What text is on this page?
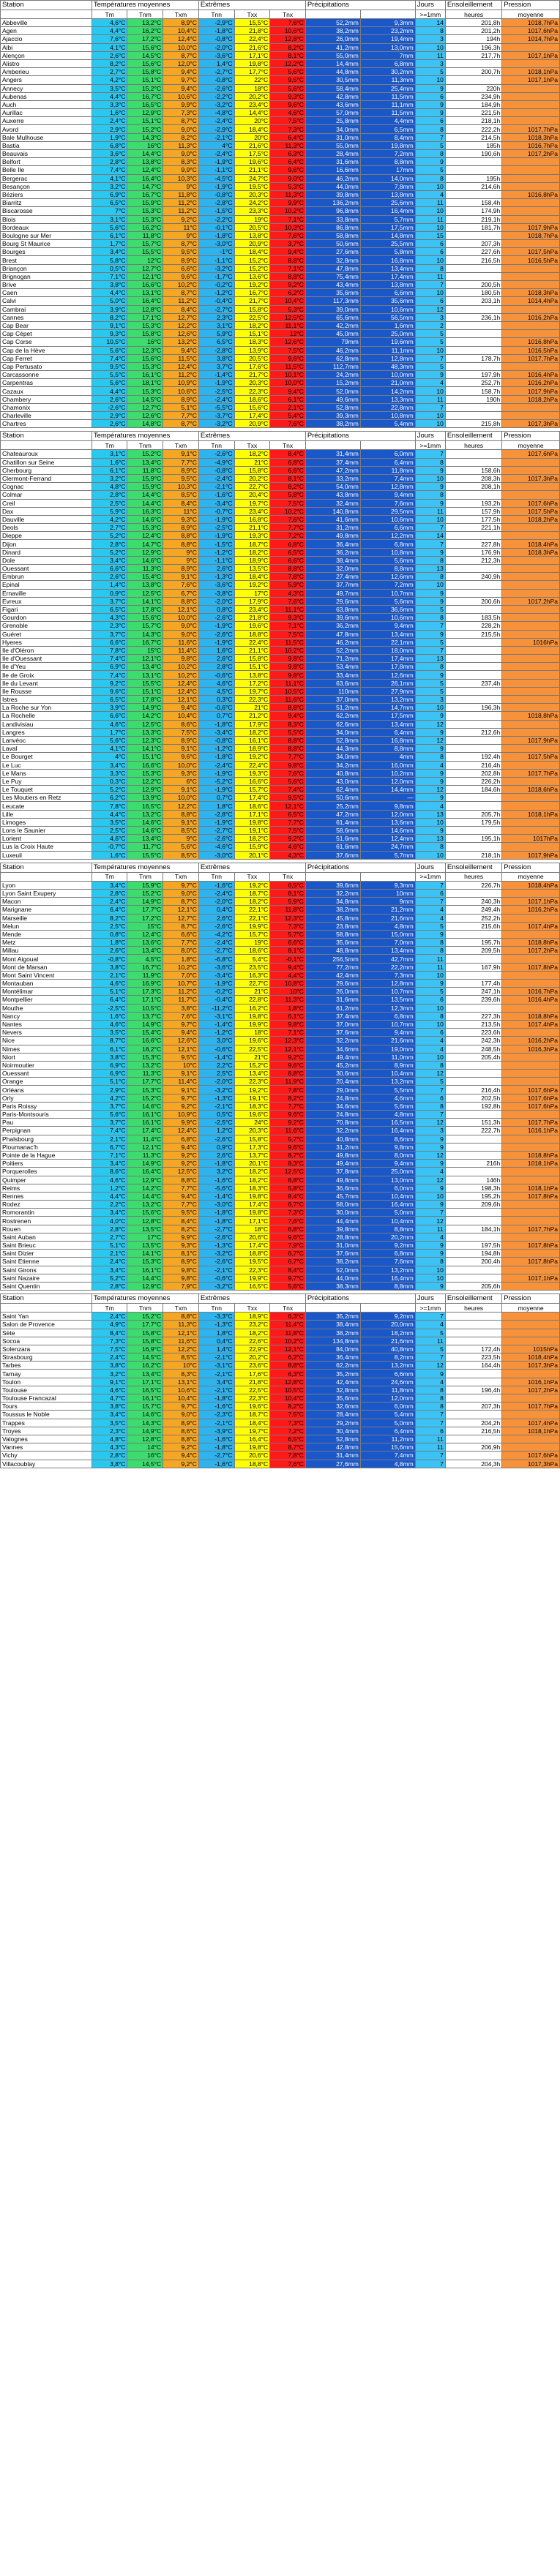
Station	Températures moyennes			Extrêmes			Précipitations		Jours	Ensoleillement	Pression
	Tm	Tnm	Txm	Tnn	Txx	Tnx	Quantités	max/jour	>=1mm	heures	moyenne
Abbeville	4,6°C	13,2°C	8,9°C	-2,9°C	15,5°C	7,6°C	52,2mm	9,3mm	14	201,8h	1018,7hPa
Agen	4,4°C	16,2°C	10,4°C	-1,8°C	21,8°C	10,6°C	38,2mm	23,2mm	8	201,2h	1017,6hPa
Ajaccio	7,6°C	17,2°C	12,4°C	-0,8°C	22,4°C	12,8°C	26,0mm	19,4mm	3	194h	1014,7hPa
Albi	4,1°C	15,6°C	10,0°C	-2,0°C	21,6°C	8,2°C	41,2mm	13,0mm	10	196,3h	
Alençon	2,6°C	14,5°C	8,7°C	-3,6°C	17,1°C	8,1°C	55,0mm	7mm	11	217,7h	1017,1hPa
Alistro	8,2°C	15,6°C	12,0°C	1,4°C	19,8°C	12,2°C	14,4mm	6,8mm	3		
Amberieu	2,7°C	15,8°C	9,4°C	-2,7°C	17,7°C	5,6°C	44,8mm	30,2mm	5	200,7h	1018,1hPa
Angers	4,2°C	15,1°C	9,7°C	-0,8°C	22°C	9,5°C	30,5mm	11,3mm	10		1017,1hPa
Annecy	3,5°C	15,2°C	9,4°C	-2,6°C	18°C	5,6°C	58,4mm	25,4mm	9	220h	
Aubenas	4,4°C	16,7°C	10,6°C	-2,2°C	20,2°C	9,3°C	42,8mm	11,5mm	6	234,9h	
Auch	3,3°C	16,5°C	9,9°C	-3,2°C	23,4°C	9,6°C	43,6mm	11,1mm	9	184,9h	
Aurillac	1,6°C	12,9°C	7,3°C	-4,8°C	14,4°C	4,6°C	57,0mm	11,5mm	9	221,5h	
Auxerre	2,4°C	15,1°C	8,7°C	-2,4°C	20°C	7,5°C	25,8mm	4,4mm	6	218,1h	
Avord	2,9°C	15,2°C	9,0°C	-2,9°C	18,4°C	7,3°C	34,0mm	6,5mm	8	222,2h	1017,7hPa
Bale Mulhouse	1,9°C	14,3°C	8,2°C	-2,1°C	20°C	6,4°C	31,0mm	8,4mm	7	214,5h	1018,3hPa
Bastia	6,8°C	16°C	11,3°C	4°C	21,6°C	11,3°C	55,0mm	19,8mm	5	185h	1016,7hPa
Beauvais	3,6°C	14,4°C	9,0°C	-2,4°C	17,5°C	6,3°C	28,4mm	7,2mm	8	190,6h	1017,2hPa
Belfort	2,8°C	13,8°C	8,3°C	-1,9°C	19,6°C	6,4°C	31,6mm	8,8mm	9		
Belle Ile	7,4°C	12,4°C	9,9°C	-1,1°C	21,1°C	9,6°C	16,6mm	17mm	5		
Bergerac	4,1°C	16,4°C	10,3°C	-4,5°C	24,7°C	9,0°C	46,2mm	14,0mm	8	195h	
Besançon	3,2°C	14,7°C	9°C	-1,9°C	19,5°C	5,3°C	44,0mm	7,8mm	10	214,6h	
Béziers	6,9°C	16,7°C	11,8°C	-0,8°C	20,3°C	11,3°C	39,8mm	13,8mm	4		1016,8hPa
Biarritz	6,5°C	15,9°C	11,2°C	-2,8°C	24,2°C	9,9°C	136,2mm	25,6mm	11	158,4h	
Biscarosse	7°C	15,3°C	11,2°C	-1,5°C	23,3°C	10,2°C	96,8mm	16,4mm	10	174,9h	
Blois	3,1°C	15,3°C	9,2°C	-2,2°C	19°C	7,1°C	33,8mm	5,7mm	11	219,1h	
Bordeaux	5,6°C	16,2°C	11°C	-0,1°C	20,5°C	10,3°C	86,8mm	17,5mm	10	181,7h	1017,9hPa
Boulogne sur Mer	6,1°C	11,8°C	9°C	-1,8°C	13,8°C	7,6°C	58,8mm	14,8mm	15		1018,7hPa
Bourg St Maurice	1,7°C	15,7°C	8,7°C	-3,0°C	20,9°C	3,7°C	50,6mm	25,5mm	6	207,3h	
Bourges	3,4°C	15,5°C	9,5°C	-1°C	18,4°C	9,4°C	27,6mm	5,8mm	6	227,6h	1017,5hPa
Brest	5,8°C	12°C	8,9°C	-1,1°C	15,2°C	8,8°C	32,8mm	16,8mm	10	216,5h	1016,5hPa
Briançon	0,5°C	12,7°C	6,6°C	-3,2°C	15,2°C	7,1°C	47,8mm	13,4mm	8		
Brignogan	7,1°C	12,1°C	9,6°C	-1,7°C	13,6°C	8,8°C	75,4mm	17,4mm	11		
Brive	3,8°C	16,6°C	10,2°C	-0,2°C	19,2°C	9,2°C	43,4mm	13,8mm	7	200,5h	
Caen	4,4°C	13,1°C	8,7°C	-1,2°C	16,7°C	6,2°C	35,6mm	6,6mm	10	180,5h	1018,3hPa
Calvi	5,0°C	16,4°C	11,2°C	-0,4°C	21,7°C	10,4°C	117,3mm	35,6mm	6	203,1h	1014,4hPa
Cambrai	3,9°C	12,8°C	8,4°C	-2,7°C	15,8°C	5,3°C	39,0mm	10,6mm	12		
Cannes	8,2°C	17,1°C	12,7°C	2,3°C	22,5°C	12,5°C	65,6mm	56,5mm	3	236,1h	1016,2hPa
Cap Bear	9,1°C	15,3°C	12,2°C	3,1°C	18,2°C	11,1°C	42,2mm	1,6mm	2		
Cap Cépet	9,3°C	15,8°C	12,6°C	5,9°C	15,1°C	12°C	45,0mm	25,0mm	5		
Cap Corse	10,5°C	16°C	13,2°C	6,5°C	18,3°C	12,6°C	79mm	19,6mm	5		1016,8hPa
Cap de la Hève	5,6°C	12,3°C	9,4°C	-2,8°C	13,9°C	7,5°C	46,2mm	11,1mm	10		1016,5hPa
Cap Ferret	7,4°C	15,6°C	11,5°C	3,8°C	20,5°C	9,6°C	62,8mm	12,8mm	7	178,7h	1017,7hPa
Cap Pertusato	9,5°C	15,3°C	12,4°C	3,7°C	17,6°C	11,5°C	112,7mm	48,3mm	5		
Carcassonne	5,5°C	16,1°C	11,2°C	-1,4°C	21,7°C	10,1°C	24,2mm	10,0mm	9	197,9h	1016,4hPa
Carpentras	5,6°C	18,1°C	10,9°C	-1,9°C	20,3°C	10,0°C	15,2mm	21,0mm	4	252,7h	1016,2hPa
Cazaux	4,4°C	15,3°C	10,6°C	-2,5°C	22,3°C	9,4°C	52,0mm	14,2mm	10	158,7h	1017,9hPa
Chambery	2,6°C	14,5°C	8,9°C	-2,4°C	18,6°C	6,1°C	49,6mm	13,3mm	11	190h	1018,2hPa
Chamonix	-2,6°C	12,7°C	5,1°C	-5,5°C	15,6°C	2,1°C	52,8mm	22,8mm	7		
Charleville	2,9°C	12,6°C	7,7°C	-3,7°C	17,4°C	5,4°C	39,3mm	10,8mm	10		
Chartres	2,6°C	14,8°C	8,7°C	-3,2°C	20,9°C	7,6°C	38,2mm	5,4mm	10	215,8h	1017,3hPa
Station	Températures moyennes			Extrêmes			Précipitations		Jours	Ensoleillement	Pression
	Tm	Tnm	Txm	Tnn	Txx	Tnx	Quantités	max/jour	>=1mm	heures	moyenne
Chateauroux	3,1°C	15,2°C	9,1°C	-2,6°C	18,2°C	8,4°C	31,4mm	6,0mm	7		1017,6hPa
Chatillon sur Seine	1,6°C	13,4°C	7,7°C	-4,9°C	21°C	6,8°C	37,4mm	6,4mm	8		
Cherbourg	6,1°C	11,8°C	8,9°C	-0,8°C	15,8°C	6,6°C	47,2mm	11,8mm	9	158,6h	
Clermont-Ferrand	3,2°C	15,9°C	9,5°C	-2,4°C	20,2°C	8,1°C	33,2mm	7,4mm	10	208,3h	1017,3hPa
Cognac	4,8°C	15,9°C	10,3°C	-2,1°C	22,7°C	8,2°C	54,0mm	12,8mm	9	208,1h	
Colmar	2,8°C	14,4°C	8,5°C	-1,6°C	20,4°C	5,8°C	43,8mm	9,4mm	8		
Creil	2,5°C	14,4°C	8,4°C	-3,4°C	19,7°C	7,5°C	32,4mm	7,6mm	9	193,2h	1017,6hPa
Dax	5,9°C	16,3°C	11°C	-0,7°C	23,4°C	10,2°C	140,8mm	29,5mm	11	157,9h	1017,5hPa
Dauville	4,2°C	14,6°C	9,3°C	-1,9°C	16,8°C	7,6°C	41,6mm	10,6mm	10	177,5h	1018,2hPa
Deols	2,7°C	15,3°C	8,9°C	-2,5°C	21,1°C	7,7°C	31,2mm	6,6mm	7	221,1h	
Dieppe	5,2°C	12,4°C	8,8°C	-1,9°C	19,3°C	7,2°C	49,8mm	12,2mm	14		
Dijon	2,8°C	14,7°C	8,8°C	-1,5°C	18,7°C	6,8°C	36,4mm	6,8mm	7	227,8h	1018,4hPa
Dinard	5,2°C	12,9°C	9°C	-1,2°C	18,2°C	6,5°C	36,2mm	10,8mm	9	176,9h	1018,3hPa
Dole	3,4°C	14,6°C	9°C	-1,1°C	18,9°C	6,6°C	38,4mm	5,6mm	8	212,3h	
Ouessant	6,6°C	11,3°C	8,9°C	2,6°C	13,5°C	8,8°C	32,0mm	8,8mm	13		
Embrun	2,6°C	15,4°C	9,1°C	-1,3°C	18,4°C	7,8°C	27,4mm	12,6mm	8	240,9h	
Epinal	1,4°C	13,8°C	7,6°C	-3,6°C	19,2°C	5,9°C	37,7mm	7,2mm	10		
Ernaville	0,9°C	12,5°C	6,7°C	-3,8°C	17°C	4,3°C	49,7mm	10,7mm	9		
Evreux	3,7°C	14,1°C	8,8°C	-2,0°C	17,9°C	7,6°C	29,6mm	5,6mm	9	200,6h	1017,2hPa
Figari	6,5°C	17,8°C	12,1°C	0,8°C	23,4°C	11,1°C	63,8mm	36,6mm	5		
Gourdon	4,3°C	15,6°C	10,0°C	-2,6°C	21,8°C	9,3°C	39,6mm	10,6mm	8	183,5h	
Grenoble	2,3°C	15,7°C	9,0°C	-1,9°C	19,6°C	7,1°C	36,2mm	9,4mm	7	228,2h	
Guéret	3,7°C	14,3°C	9,0°C	-2,6°C	18,8°C	7,5°C	47,8mm	13,4mm	9	215,5h	
Hyeres	6,6°C	16,7°C	11,6°C	-1,9°C	22,4°C	11,5°C	46,2mm	22,1mm	5		1016hPa
Ile d'Oléron	7,8°C	15°C	11,4°C	1,6°C	21,1°C	10,2°C	52,2mm	18,0mm	7		
Ile d'Ouessant	7,4°C	12,1°C	9,8°C	2,6°C	15,8°C	9,8°C	71,2mm	17,4mm	13		
Ile d'Yeu	6,9°C	13,4°C	10,2°C	2,8°C	15,1°C	9,8°C	53,4mm	17,8mm	8		
Ile de Groix	7,4°C	13,1°C	10,2°C	-0,6°C	13,8°C	9,8°C	33,4mm	12,6mm	9		
Ile du Levant	9,2°C	15,5°C	12,4°C	4,6°C	17,2°C	11,1°C	63,6mm	26,1mm	5	237,4h	
Ile Rousse	9,6°C	15,1°C	12,4°C	4,5°C	19,7°C	10,5°C	110mm	27,9mm	5		
Istres	6,5°C	17,8°C	12,1°C	0,3°C	22,3°C	11,6°C	37,0mm	13,2mm	3		
La Roche sur Yon	3,9°C	14,9°C	9,4°C	-0,6°C	21°C	8,8°C	51,2mm	14,7mm	10	196,3h	
La Rochelle	6,6°C	14,2°C	10,4°C	0,7°C	21,2°C	9,4°C	62,2mm	17,5mm	9		1018,8hPa
Landivisiau	4,6°C	12,5°C	8,6°C	-1,8°C	17,9°C	8,3°C	62,6mm	13,4mm	12		
Langres	1,7°C	13,3°C	7,5°C	-3,4°C	18,2°C	5,5°C	34,0mm	6,4mm	9	212,6h	
Lanvéoc	5,6°C	12,3°C	8,9°C	-0,8°C	16,1°C	8,8°C	52,8mm	16,8mm	12		1017,9hPa
Laval	4,1°C	14,1°C	9,1°C	-1,2°C	18,9°C	8,8°C	44,3mm	8,8mm	9		
Le Bourget	4°C	15,1°C	9,6°C	-1,8°C	19,2°C	7,7°C	34,0mm	4mm	8	192,4h	1017,5hPa
Le Luc	3,4°C	16,6°C	10,0°C	-2,4°C	22,4°C	9,8°C	34,2mm	16,0mm	4	216,4h	
Le Mans	3,3°C	15,3°C	9,3°C	-1,9°C	19,3°C	7,6°C	40,8mm	10,2mm	9	202,8h	1017,7hPa
Le Puy	0,3°C	12,2°C	6°C	-5,2°C	16,6°C	5,6°C	43,0mm	12,0mm	9	226,2h	
Le Touquet	5,2°C	12,9°C	9,1°C	-1,9°C	15,7°C	7,4°C	62,4mm	14,4mm	12	184,6h	1018,6hPa
Les Moutiers en Retz	6,2°C	13,9°C	10,0°C	0,7°C	17,4°C	9,5°C	50,6mm	—	9		
Leucate	7,8°C	16,5°C	12,2°C	1,8°C	18,6°C	12,1°C	25,2mm	9,8mm	4		
Lille	4,4°C	13,2°C	8,8°C	-2,8°C	17,1°C	6,5°C	47,2mm	12,0mm	13	205,7h	1018,1hPa
Limoges	3,5°C	14,6°C	9,1°C	-1,9°C	19,8°C	7,7°C	61,4mm	13,6mm	10	179,5h	
Lons le Saunier	2,5°C	14,6°C	8,5°C	-2,7°C	19,1°C	7,5°C	58,6mm	14,6mm	9		
Lorient	4,6°C	13,4°C	9°C	-2,6°C	18,2°C	9,2°C	51,6mm	12,4mm	13	195,1h	1017hPa
Lus la Croix Haute	-0,7°C	11,7°C	5,6°C	-4,6°C	15,9°C	4,6°C	61,6mm	24,7mm	8		
Luxeuil	1,6°C	15,5°C	8,5°C	-3,0°C	20,1°C	4,3°C	37,6mm	5,7mm	10	218,1h	1017,9hPa
Station	Températures moyennes			Extrêmes			Précipitations		Jours	Ensoleillement	Pression
	Tm	Tnm	Txm	Tnn	Txx	Tnx	Quantités	max/jour	>=1mm	heures	moyenne
Lyon	3,4°C	15,9°C	9,7°C	-1,6°C	19,2°C	6,5°C	39,6mm	9,3mm	7	226,7h	1018,4hPa
Lyon Saint Exupery	2,8°C	15,2°C	9,0°C	-2,4°C	18,7°C	8,1°C	32,2mm	10mm	6		
Macon	2,4°C	14,9°C	8,7°C	-2,0°C	18,2°C	5,9°C	34,8mm	9mm	7	240,3h	1017,1hPa
Marignane	6,4°C	17,7°C	12,1°C	0,4°C	22,1°C	11,8°C	38,2mm	21,2mm	4	249,4h	1016,2hPa
Marseille	8,2°C	17,2°C	12,7°C	2,6°C	22,1°C	12,3°C	45,8mm	21,6mm	4	252,2h	
Melun	2,5°C	15°C	8,7°C	-2,6°C	19,9°C	7,3°C	23,8mm	4,8mm	5	215,6h	1017,4hPa
Mende	0,8°C	12,4°C	6,6°C	-4,2°C	15,7°C	5,7°C	58,8mm	15,0mm	9		
Metz	1,8°C	13,6°C	7,7°C	-2,4°C	19°C	6,6°C	35,6mm	7,0mm	8	195,7h	1018,8hPa
Millau	2,6°C	13,4°C	8,0°C	-2,7°C	18,6°C	8,1°C	48,8mm	13,4mm	8	209,5h	1017,2hPa
Mont Aigoual	-0,8°C	4,5°C	1,8°C	-6,8°C	5,4°C	-0,1°C	256,5mm	42,7mm	11		
Mont de Marsan	3,8°C	16,7°C	10,2°C	-3,6°C	23,5°C	9,4°C	77,2mm	22,2mm	11	167,9h	1017,8hPa
Mont Saint Vincent	2,1°C	11,9°C	7,0°C	-3,4°C	16,3°C	4,4°C	42,4mm	7,3mm	10		
Montauban	4,6°C	16,9°C	10,7°C	-1,9°C	22,7°C	10,8°C	29,6mm	12,8mm	9	177,4h	
Montélimar	5,1°C	17,3°C	11,2°C	-0,2°C	21°C	10°C	26,0mm	10,7mm	5	247,1h	1016,7hPa
Montpellier	6,4°C	17,1°C	11,7°C	-0,4°C	22,8°C	11,3°C	31,6mm	13,5mm	6	239,6h	1016,4hPa
Mouthe	-2,5°C	10,5°C	3,8°C	-11,2°C	16,2°C	1,8°C	61,2mm	12,3mm	10		
Nancy	1,6°C	13,7°C	7,6°C	-3,1°C	19,8°C	6,1°C	37,4mm	6,8mm	8	227,3h	1018,8hPa
Nantes	4,6°C	14,9°C	9,7°C	-1,4°C	19,9°C	9,8°C	37,0mm	10,7mm	10	213,5h	1017,4hPa
Nevers	3,5°C	15,4°C	9,4°C	-1,2°C	18°C	7,1°C	37,6mm	9,4mm	6	223,6h	
Nice	8,7°C	16,6°C	12,6°C	3,0°C	19,6°C	12,3°C	32,2mm	21,6mm	4	242,3h	1016,2hPa
Nimes	6,1°C	18,2°C	12,1°C	-0,6°C	22,5°C	12,1°C	34,6mm	19,0mm	4	248,5h	1016,3hPa
Niort	3,8°C	15,3°C	9,5°C	-1,4°C	21°C	9,2°C	49,4mm	11,0mm	10	205,4h	
Noirmoutier	6,9°C	13,2°C	10°C	2,2°C	15,2°C	9,6°C	45,2mm	8,9mm	8		
Ouessant	6,9°C	11,3°C	9,1°C	2,5°C	13,4°C	8,8°C	30,6mm	10,4mm	12		
Orange	5,1°C	17,7°C	11,4°C	-2,0°C	22,3°C	11,9°C	20,4mm	13,2mm	5		
Orléans	2,9°C	15,3°C	9,1°C	-3,2°C	19,2°C	7,8°C	29,0mm	5,5mm	7	216,4h	1017,6hPa
Orly	4,2°C	15,2°C	9,7°C	-1,3°C	19,1°C	8,2°C	24,8mm	4,6mm	6	202,5h	1017,6hPa
Paris Roissy	3,7°C	14,6°C	9,2°C	-2,1°C	18,3°C	7,7°C	34,6mm	5,6mm	8	192,8h	1017,6hPa
Paris-Montsouris	5,6°C	16,1°C	10,9°C	0,5°C	19,6°C	9,6°C	24,8mm	4,8mm	7		
Pau	3,7°C	16,1°C	9,9°C	-2,5°C	24°C	9,2°C	70,8mm	16,5mm	12	151,3h	1017,7hPa
Perpignan	7,4°C	17,4°C	12,4°C	1,2°C	20,3°C	11,6°C	32,2mm	16,4mm	3	222,7h	1016,1hPa
Phalsbourg	2,1°C	11,4°C	6,8°C	-2,6°C	15,8°C	5,7°C	40,8mm	8,6mm	9		
Ploumanac'h	6,7°C	12,1°C	9,4°C	0,9°C	17,3°C	9,6°C	31,2mm	9,8mm	9		
Pointe de la Hague	7,1°C	11,3°C	9,2°C	2,6°C	13,7°C	8,7°C	49,8mm	8,0mm	12		1018,8hPa
Poitiers	3,4°C	14,9°C	9,2°C	-1,8°C	20,1°C	8,3°C	49,4mm	9,4mm	9	216h	1018,1hPa
Porquerolles	8,6°C	16,4°C	12,5°C	3,2°C	18,2°C	12,5°C	37,8mm	25,0mm	4		
Quimper	4,6°C	12,9°C	8,8°C	-1,6°C	18,2°C	8,8°C	49,8mm	13,0mm	12	146h	
Reims	1,2°C	14,2°C	7,7°C	-5,6°C	18,3°C	5,8°C	36,6mm	6,0mm	9	198,3h	1018,1hPa
Rennes	4,4°C	14,4°C	9,4°C	-1,4°C	19,8°C	8,4°C	45,7mm	10,4mm	10	195,2h	1017,8hPa
Rodez	2,2°C	13,2°C	7,7°C	-3,0°C	17,4°C	6,7°C	58,0mm	16,4mm	9	209,6h	
Romorantin	3,4°C	15,6°C	9,5°C	-1,8°C	19,8°C	7,3°C	30,0mm	5,0mm	7		
Rostrenen	4,0°C	12,8°C	8,4°C	-1,8°C	17,1°C	7,6°C	44,4mm	10,4mm	12		
Rouen	2,8°C	13,5°C	8,2°C	-2,7°C	18°C	6,8°C	39,8mm	8,8mm	11	184,1h	1017,7hPa
Saint Auban	2,7°C	17°C	9,9°C	-2,6°C	20,6°C	9,6°C	28,8mm	20,2mm	4		
Saint Brieuc	5,1°C	13,5°C	9,3°C	-1,3°C	17,4°C	7,9°C	31,0mm	9,2mm	9	197,5h	1017,8hPa
Saint Dizier	2,1°C	14,1°C	8,1°C	-3,2°C	18,8°C	6,7°C	37,6mm	6,8mm	9	194,8h	
Saint Etienne	2,4°C	15,3°C	8,9°C	-2,6°C	19,5°C	6,7°C	38,2mm	7,6mm	8	200,4h	1017,8hPa
Saint Girons	3,4°C	16,1°C	9,8°C	-2,1°C	22,3°C	8,4°C	52,0mm	13,2mm	10		
Saint Nazaire	5,2°C	14,4°C	9,8°C	-0,6°C	19,9°C	9,7°C	44,0mm	16,4mm	10		1017,1hPa
Saint Quentin	2,8°C	12,9°C	7,9°C	-3,2°C	16,5°C	5,6°C	38,3mm	8,8mm	9	205,6h	
Station	Températures moyennes			Extrêmes			Précipitations		Jours	Ensoleillement	Pression
	Tm	Tnm	Txm	Tnn	Txx	Tnx	Quantités	max/jour	>=1mm	heures	moyenne
Saint Yan	2,4°C	15,2°C	8,8°C	-3,3°C	18,9°C	6,3°C	35,2mm	9,2mm	7		
Salon de Provence	4,9°C	17,7°C	11,3°C	-1,3°C	23,2°C	11,4°C	38,4mm	20,0mm	4		
Sète	8,4°C	15,8°C	12,1°C	1,8°C	18,2°C	11,8°C	38,2mm	18,2mm	5		
Socoa	7,3°C	15,8°C	11,6°C	0,4°C	22,6°C	10,2°C	134,8mm	21,6mm	11		
Solenzara	7,5°C	16,9°C	12,2°C	1,4°C	22,9°C	12,1°C	84,0mm	40,8mm	5	172,4h	1015hPa
Strasbourg	2,4°C	14,5°C	8,5°C	-2,1°C	20,2°C	6,2°C	36,4mm	8,2mm	7	223,5h	1018,4hPa
Tarbes	3,8°C	16,2°C	10°C	-3,1°C	23,6°C	8,8°C	62,2mm	13,2mm	12	164,4h	1017,3hPa
Tarnay	3,2°C	13,4°C	8,3°C	-2,1°C	17,6°C	6,3°C	35,2mm	6,6mm	9		
Toulon	9,1°C	17,1°C	13,1°C	3,4°C	21,8°C	12,8°C	42,4mm	24,6mm	4		1016,1hPa
Toulouse	4,6°C	16,5°C	10,6°C	-2,1°C	22,5°C	10,5°C	32,8mm	11,8mm	8	196,4h	1017,2hPa
Toulouse Francazal	4,7°C	16,1°C	10,4°C	-1,8°C	22,3°C	10,4°C	35,6mm	12,0mm	8		
Tours	3,8°C	15,7°C	9,7°C	-1,6°C	19,6°C	8,2°C	32,6mm	6,0mm	8	207,3h	1017,7hPa
Toussus le Noble	3,4°C	14,6°C	9,0°C	-2,3°C	18,7°C	7,5°C	28,4mm	5,4mm	7		
Trappes	3,5°C	14,3°C	8,9°C	-2,1°C	18,4°C	7,3°C	29,2mm	5,0mm	7	204,2h	1017,4hPa
Troyes	2,3°C	14,9°C	8,6°C	-3,9°C	19,7°C	7,2°C	30,4mm	6,4mm	6	216,5h	1018,1hPa
Valognes	4,8°C	12,8°C	8,8°C	-1,6°C	16,4°C	6,5°C	52,8mm	11,2mm	11		
Vannes	4,3°C	14°C	9,2°C	-1,8°C	19,8°C	8,7°C	42,8mm	15,6mm	11	206,9h	
Vichy	2,8°C	16°C	9,4°C	-2,7°C	20,6°C	7,8°C	31,4mm	7,4mm	7		1017,6hPa
Villacoublay	3,8°C	14,5°C	9,2°C	-1,6°C	18,8°C	7,6°C	27,6mm	4,8mm	7	204,3h	1017,3hPa
